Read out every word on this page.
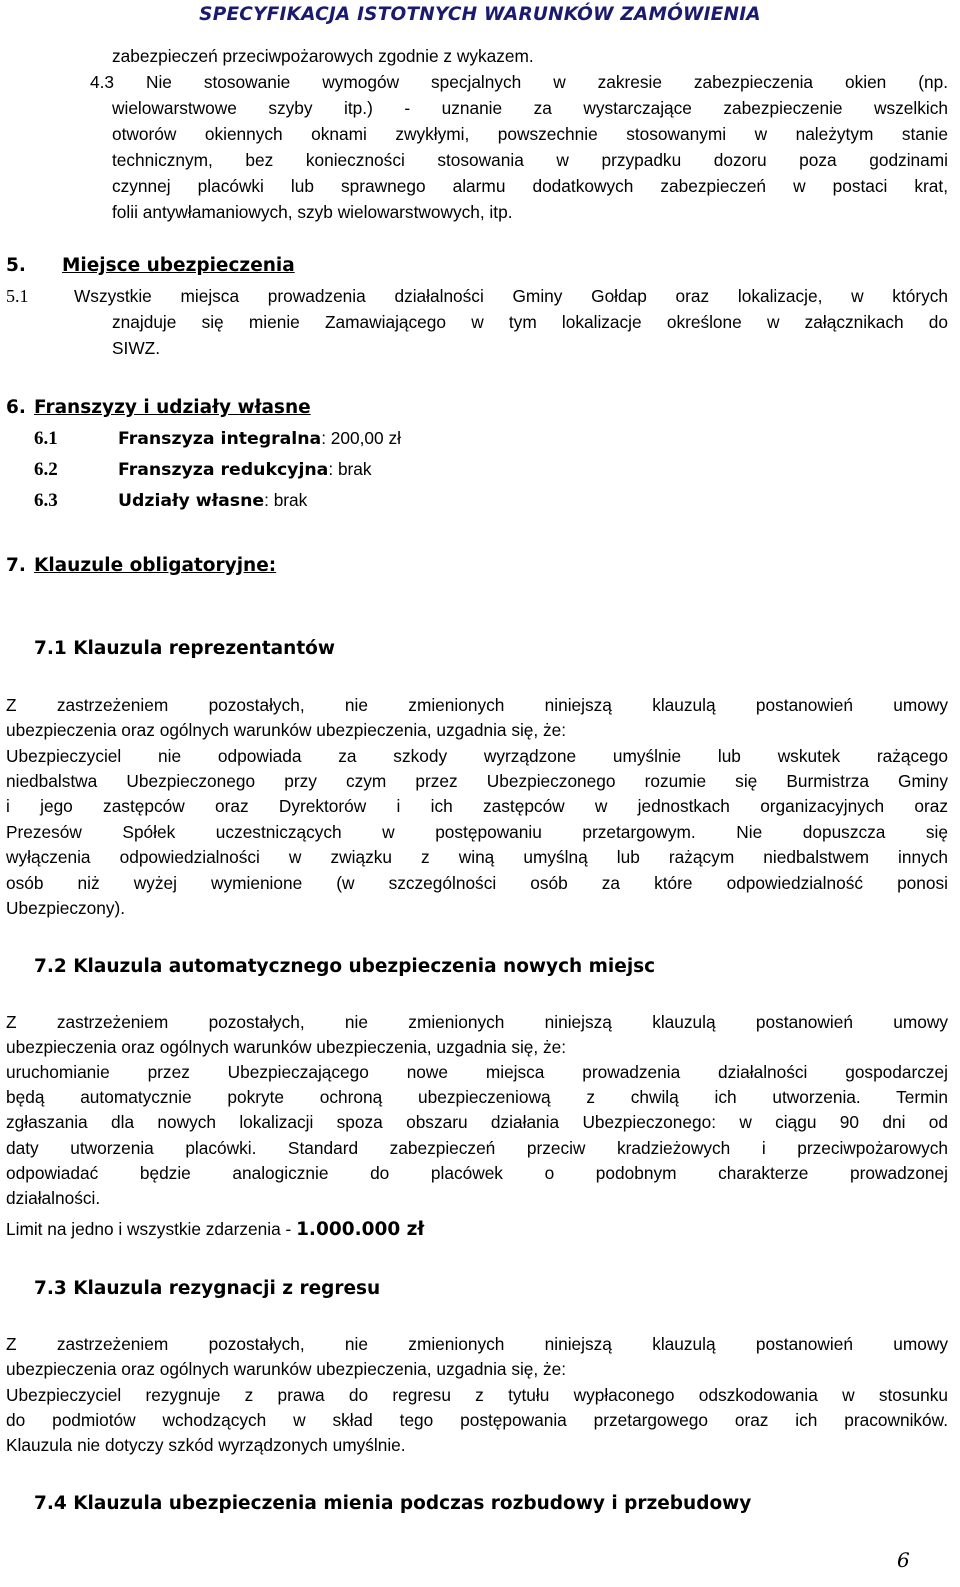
SPECYFIKACJA ISTOTNYCH WARUNKÓW ZAMÓWIENIA
zabezpieczeń przeciwpożarowych zgodnie z wykazem.
4.3 Nie stosowanie wymogów specjalnych w zakresie zabezpieczenia okien (np.
wielowarstwowe szyby itp.) - uznanie za wystarczające zabezpieczenie wszelkich
otworów okiennych oknami zwykłymi, powszechnie stosowanymi w należytym stanie
technicznym, bez konieczności stosowania w przypadku dozoru poza godzinami
czynnej placówki lub sprawnego alarmu dodatkowych zabezpieczeń w postaci krat,
folii antywłamaniowych, szyb wielowarstwowych, itp.
5. Miejsce ubezpieczenia
5.1	Wszystkie miejsca prowadzenia działalności Gminy Gołdap oraz lokalizacje, w których
znajduje się mienie Zamawiającego w tym lokalizacje określone w załącznikach do
SIWZ.
6. Franszyzy i udziały własne
6.1	Franszyza integralna: 200,00 zł
6.2	Franszyza redukcyjna: brak
6.3	Udziały własne: brak
7. Klauzule obligatoryjne:
7.1 Klauzula reprezentantów
Z zastrzeżeniem pozostałych, nie zmienionych niniejszą klauzulą postanowień umowy
ubezpieczenia oraz ogólnych warunków ubezpieczenia, uzgadnia się, że:
Ubezpieczyciel nie odpowiada za szkody wyrządzone umyślnie lub wskutek rażącego
niedbalstwa Ubezpieczonego przy czym przez Ubezpieczonego rozumie się Burmistrza Gminy
i jego zastępców oraz Dyrektorów i ich zastępców w jednostkach organizacyjnych oraz
Prezesów Spółek uczestniczących w postępowaniu przetargowym. Nie dopuszcza się
wyłączenia odpowiedzialności w związku z winą umyślną lub rażącym niedbalstwem innych
osób niż wyżej wymienione (w szczególności osób za które odpowiedzialność ponosi
Ubezpieczony).
7.2 Klauzula automatycznego ubezpieczenia nowych miejsc
Z zastrzeżeniem pozostałych, nie zmienionych niniejszą klauzulą postanowień umowy
ubezpieczenia oraz ogólnych warunków ubezpieczenia, uzgadnia się, że:
uruchomianie przez Ubezpieczającego nowe miejsca prowadzenia działalności gospodarczej
będą automatycznie pokryte ochroną ubezpieczeniową z chwilą ich utworzenia. Termin
zgłaszania dla nowych lokalizacji spoza obszaru działania Ubezpieczonego: w ciągu 90 dni od
daty utworzenia placówki. Standard zabezpieczeń przeciw kradzieżowych i przeciwpożarowych
odpowiadać będzie analogicznie do placówek o podobnym charakterze prowadzonej
działalności.
Limit na jedno i wszystkie zdarzenia - 1.000.000 zł
7.3 Klauzula rezygnacji z regresu
Z zastrzeżeniem pozostałych, nie zmienionych niniejszą klauzulą postanowień umowy
ubezpieczenia oraz ogólnych warunków ubezpieczenia, uzgadnia się, że:
Ubezpieczyciel rezygnuje z prawa do regresu z tytułu wypłaconego odszkodowania w stosunku
do podmiotów wchodzących w skład tego postępowania przetargowego oraz ich pracowników.
Klauzula nie dotyczy szkód wyrządzonych umyślnie.
7.4 Klauzula ubezpieczenia mienia podczas rozbudowy i przebudowy
6
